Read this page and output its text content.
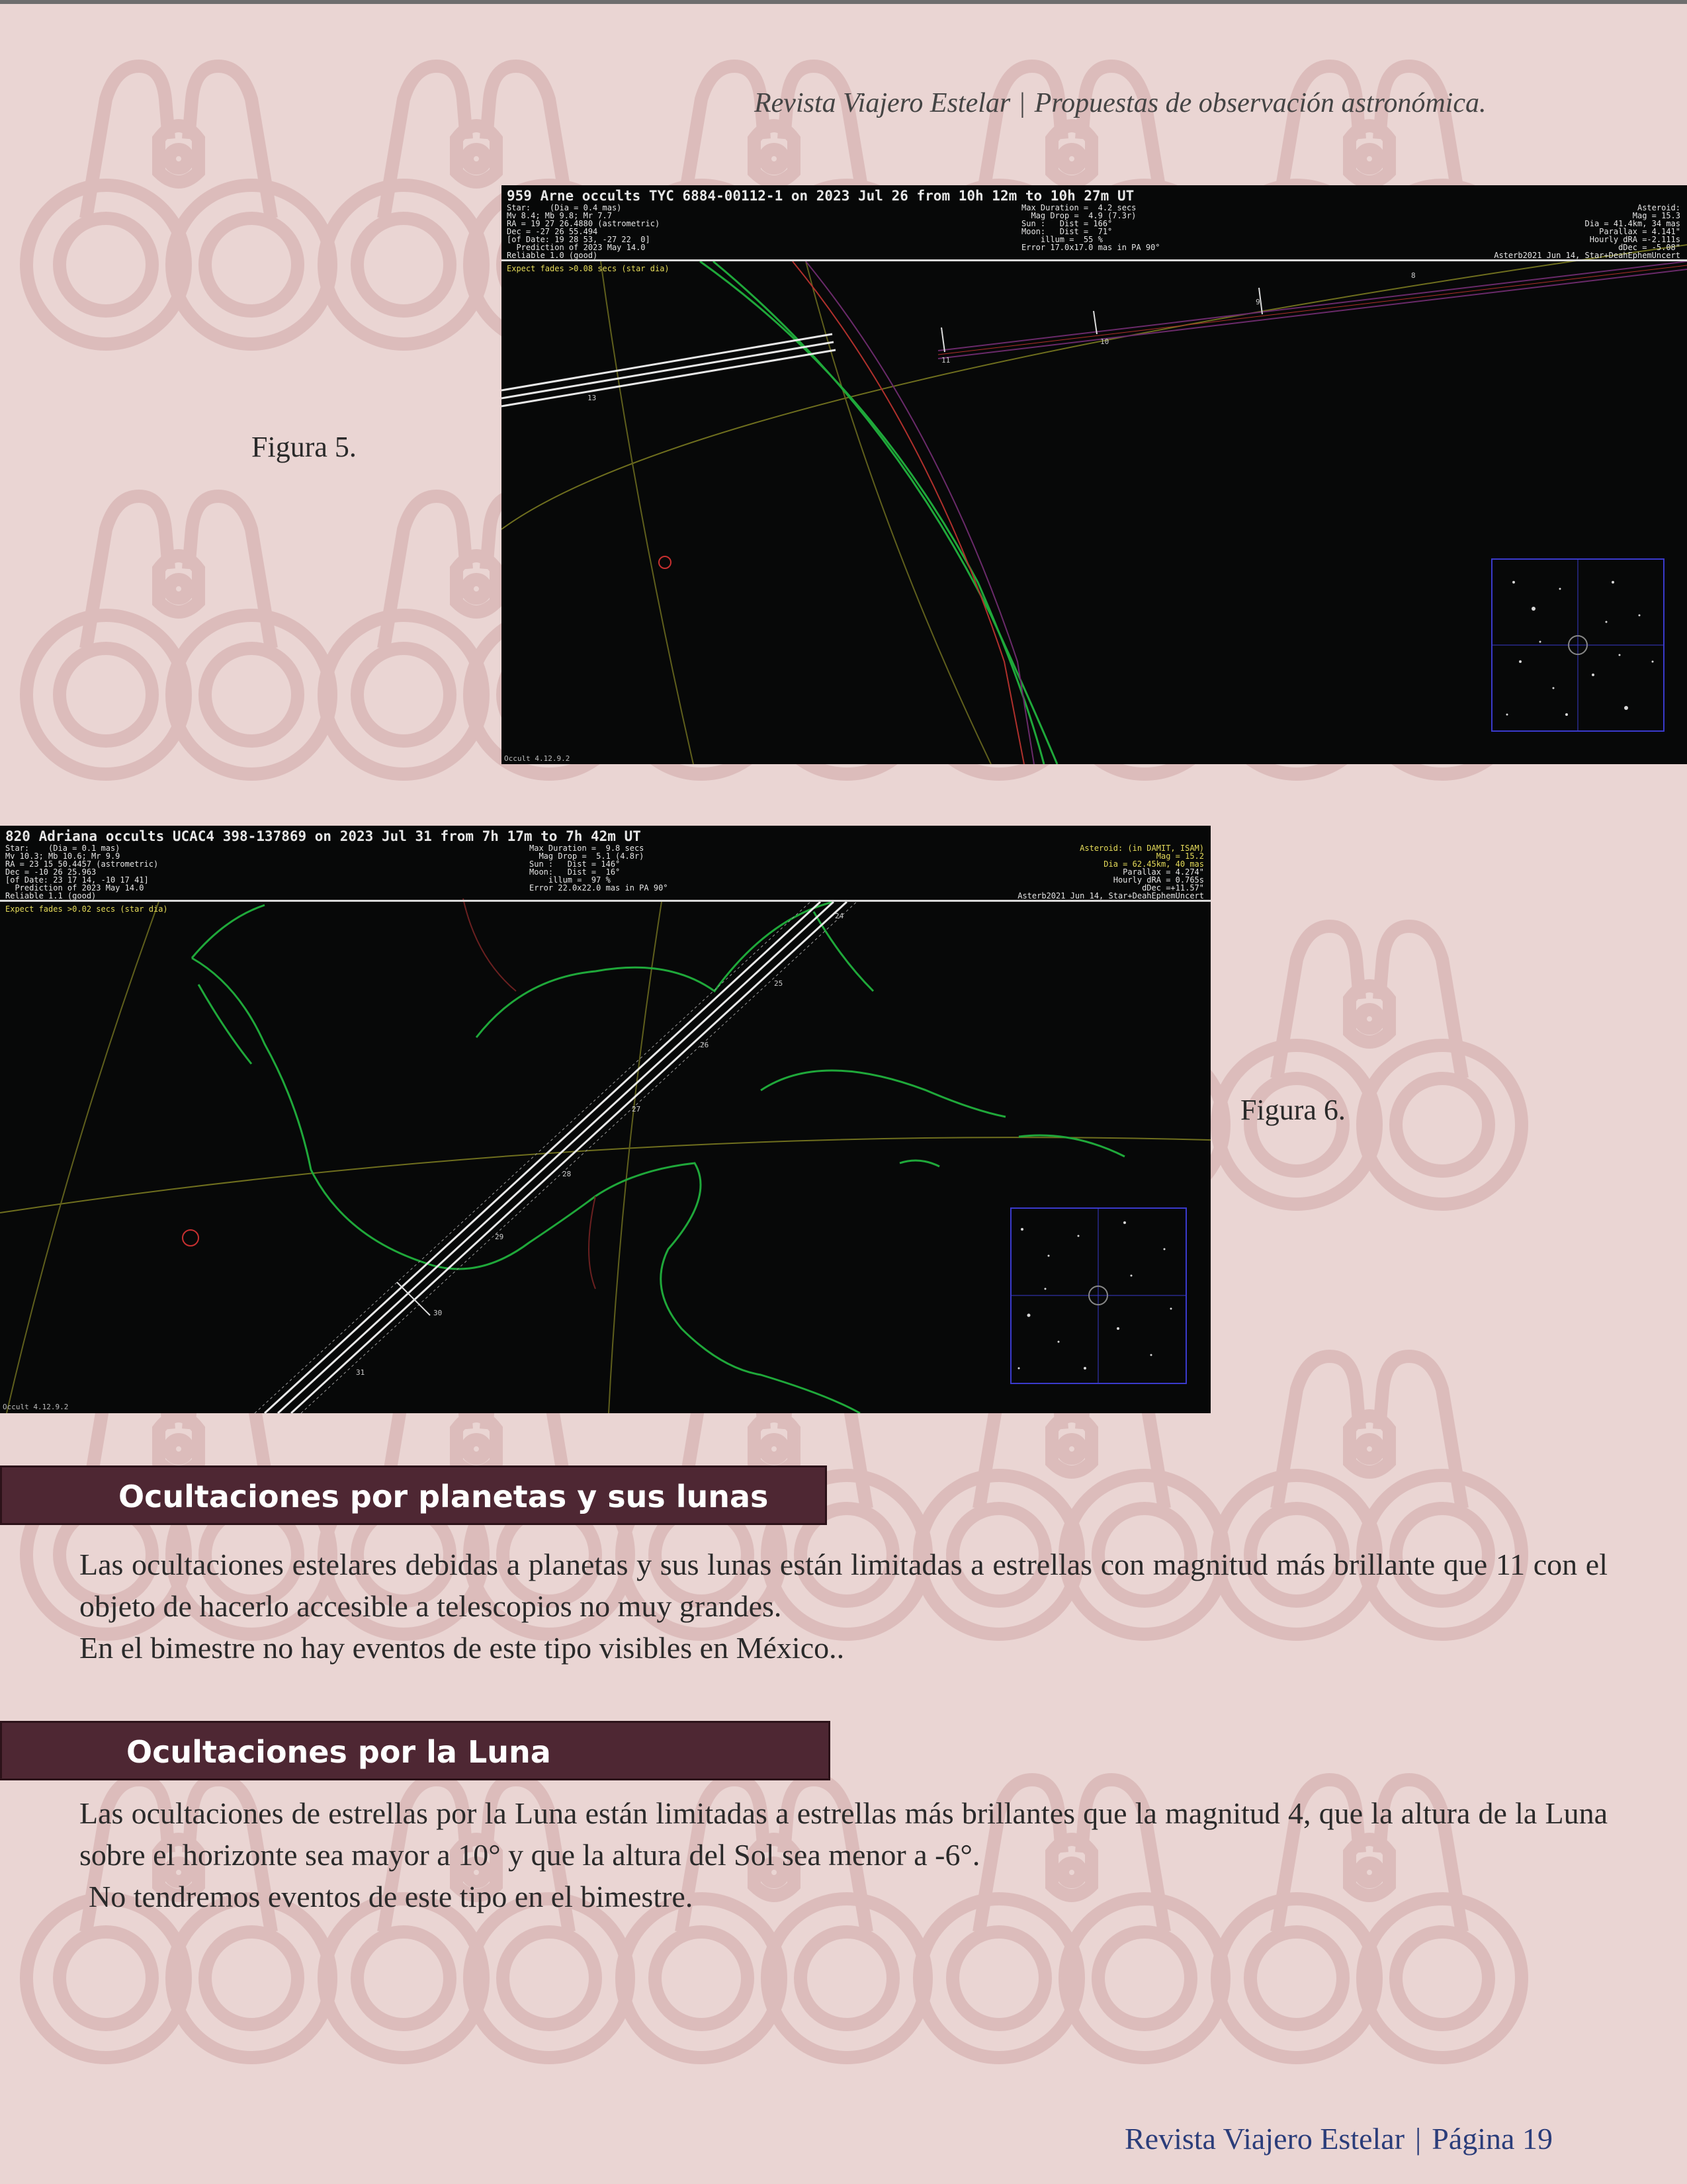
Revista Viajero Estelar | Propuestas de observación astronómica.
Figura 5.
13
11
10
9
8
959 Arne occults TYC 6884-00112-1 on 2023 Jul 26 from 10h 12m to 10h 27m UT
Star:    (Dia = 0.4 mas)
Mv 8.4; Mb 9.8; Mr 7.7
RA = 19 27 26.4880 (astrometric)
Dec = -27 26 55.494
[of Date: 19 28 53, -27 22  0]
Prediction of 2023 May 14.0
Reliable 1.0 (good)
Max Duration =  4.2 secs
Mag Drop =  4.9 (7.3r)
Sun :   Dist = 166°
Moon:   Dist =  71°
illum =  55 %
Error 17.0x17.0 mas in PA 90°
Asteroid:
Mag = 15.3
Dia = 41.4km, 34 mas
Parallax = 4.141"
Hourly dRA =-2.111s
dDec = -5.08"
Asterb2021 Jun 14, Star+DeahEphemUncert
Expect fades >0.08 secs (star dia)
Occult 4.12.9.2
24
25
26
27
28
29
30
31
820 Adriana occults UCAC4 398-137869 on 2023 Jul 31 from 7h 17m to 7h 42m UT
Star:    (Dia = 0.1 mas)
Mv 10.3; Mb 10.6; Mr 9.9
RA = 23 15 50.4457 (astrometric)
Dec = -10 26 25.963
[of Date: 23 17 14, -10 17 41]
Prediction of 2023 May 14.0
Reliable 1.1 (good)
Max Duration =  9.8 secs
Mag Drop =  5.1 (4.8r)
Sun :   Dist = 146°
Moon:   Dist =  16°
illum =  97 %
Error 22.0x22.0 mas in PA 90°
Asteroid: (in DAMIT, ISAM)
Mag = 15.2
Dia = 62.45km, 40 mas
Parallax = 4.274"
Hourly dRA = 0.765s
dDec =+11.57"
Asterb2021 Jun 14, Star+DeahEphemUncert
Expect fades >0.02 secs (star dia)
Occult 4.12.9.2
Figura 6.
Ocultaciones por planetas y sus lunas

Las ocultaciones estelares debidas a planetas y sus lunas están limitadas a estrellas con magnitud más brillante que 11 con el objeto de hacerlo accesible a telescopios no muy grandes.

En el bimestre no hay eventos de este tipo visibles en México..

Ocultaciones por la Luna

Las ocultaciones de estrellas por la Luna están limitadas a estrellas más brillantes que la magnitud 4, que la altura de la Luna sobre el horizonte sea mayor a 10° y que la altura del Sol sea menor a -6°.

No tendremos eventos de este tipo en el bimestre.

Revista Viajero Estelar | Página 19
